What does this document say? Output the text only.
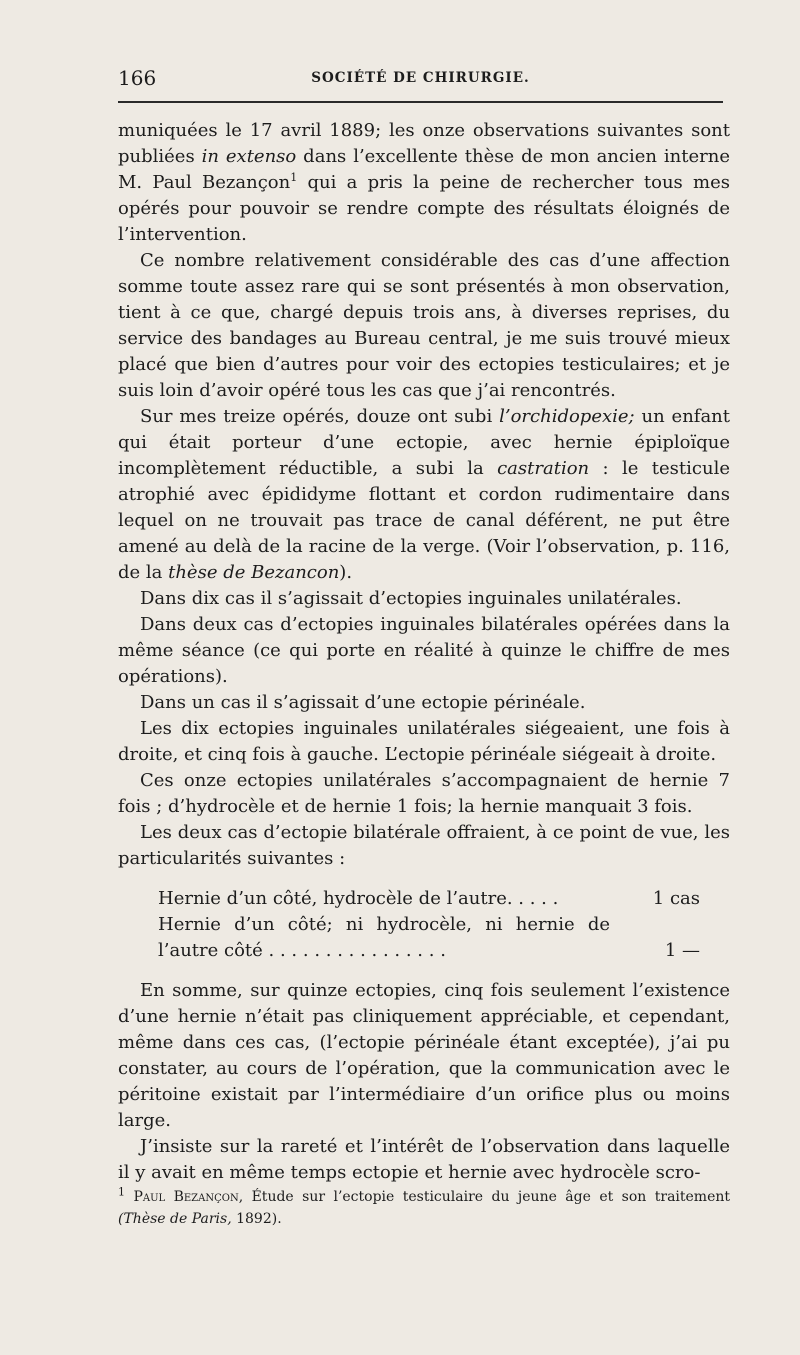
166	SOCIÉTÉ DE CHIRURGIE.

muniquées le 17 avril 1889; les onze observations suivantes sont publiées in extenso dans l’excellente thèse de mon ancien interne M. Paul Bezançon$^1$ qui a pris la peine de rechercher tous mes opérés pour pouvoir se rendre compte des résultats éloignés de l’intervention.

Ce nombre relativement considérable des cas d’une affection somme toute assez rare qui se sont présentés à mon observation, tient à ce que, chargé depuis trois ans, à diverses reprises, du service des bandages au Bureau central, je me suis trouvé mieux placé que bien d’autres pour voir des ectopies testiculaires; et je suis loin d’avoir opéré tous les cas que j’ai rencontrés.

Sur mes treize opérés, douze ont subi l’orchidopexie; un enfant qui était porteur d’une ectopie, avec hernie épiploïque incomplètement réductible, a subi la castration : le testicule atrophié avec épididyme flottant et cordon rudimentaire dans lequel on ne trouvait pas trace de canal déférent, ne put être amené au delà de la racine de la verge. (Voir l’observation, p. 116, de la thèse de Bezancon).

Dans dix cas il s’agissait d’ectopies inguinales unilatérales.

Dans deux cas d’ectopies inguinales bilatérales opérées dans la même séance (ce qui porte en réalité à quinze le chiffre de mes opérations).

Dans un cas il s’agissait d’une ectopie périnéale.

Les dix ectopies inguinales unilatérales siégeaient, une fois à droite, et cinq fois à gauche. L’ectopie périnéale siégeait à droite.

Ces onze ectopies unilatérales s’accompagnaient de hernie 7 fois ; d’hydrocèle et de hernie 1 fois; la hernie manquait 3 fois.

Les deux cas d’ectopie bilatérale offraient, à ce point de vue, les particularités suivantes :

Hernie d’un côté, hydrocèle de l’autre. . . . .	1 cas
Hernie d’un côté; ni hydrocèle, ni hernie de l’autre côté . . . . . . . . . . . . . . . .	1 —

En somme, sur quinze ectopies, cinq fois seulement l’existence d’une hernie n’était pas cliniquement appréciable, et cependant, même dans ces cas, (l’ectopie périnéale étant exceptée), j’ai pu constater, au cours de l’opération, que la communication avec le péritoine existait par l’intermédiaire d’un orifice plus ou moins large.

J’insiste sur la rareté et l’intérêt de l’observation dans laquelle il y avait en même temps ectopie et hernie avec hydrocèle scro-

$^1$ Paul Bezançon, Étude sur l’ectopie testiculaire du jeune âge et son traitement (Thèse de Paris, 1892).
